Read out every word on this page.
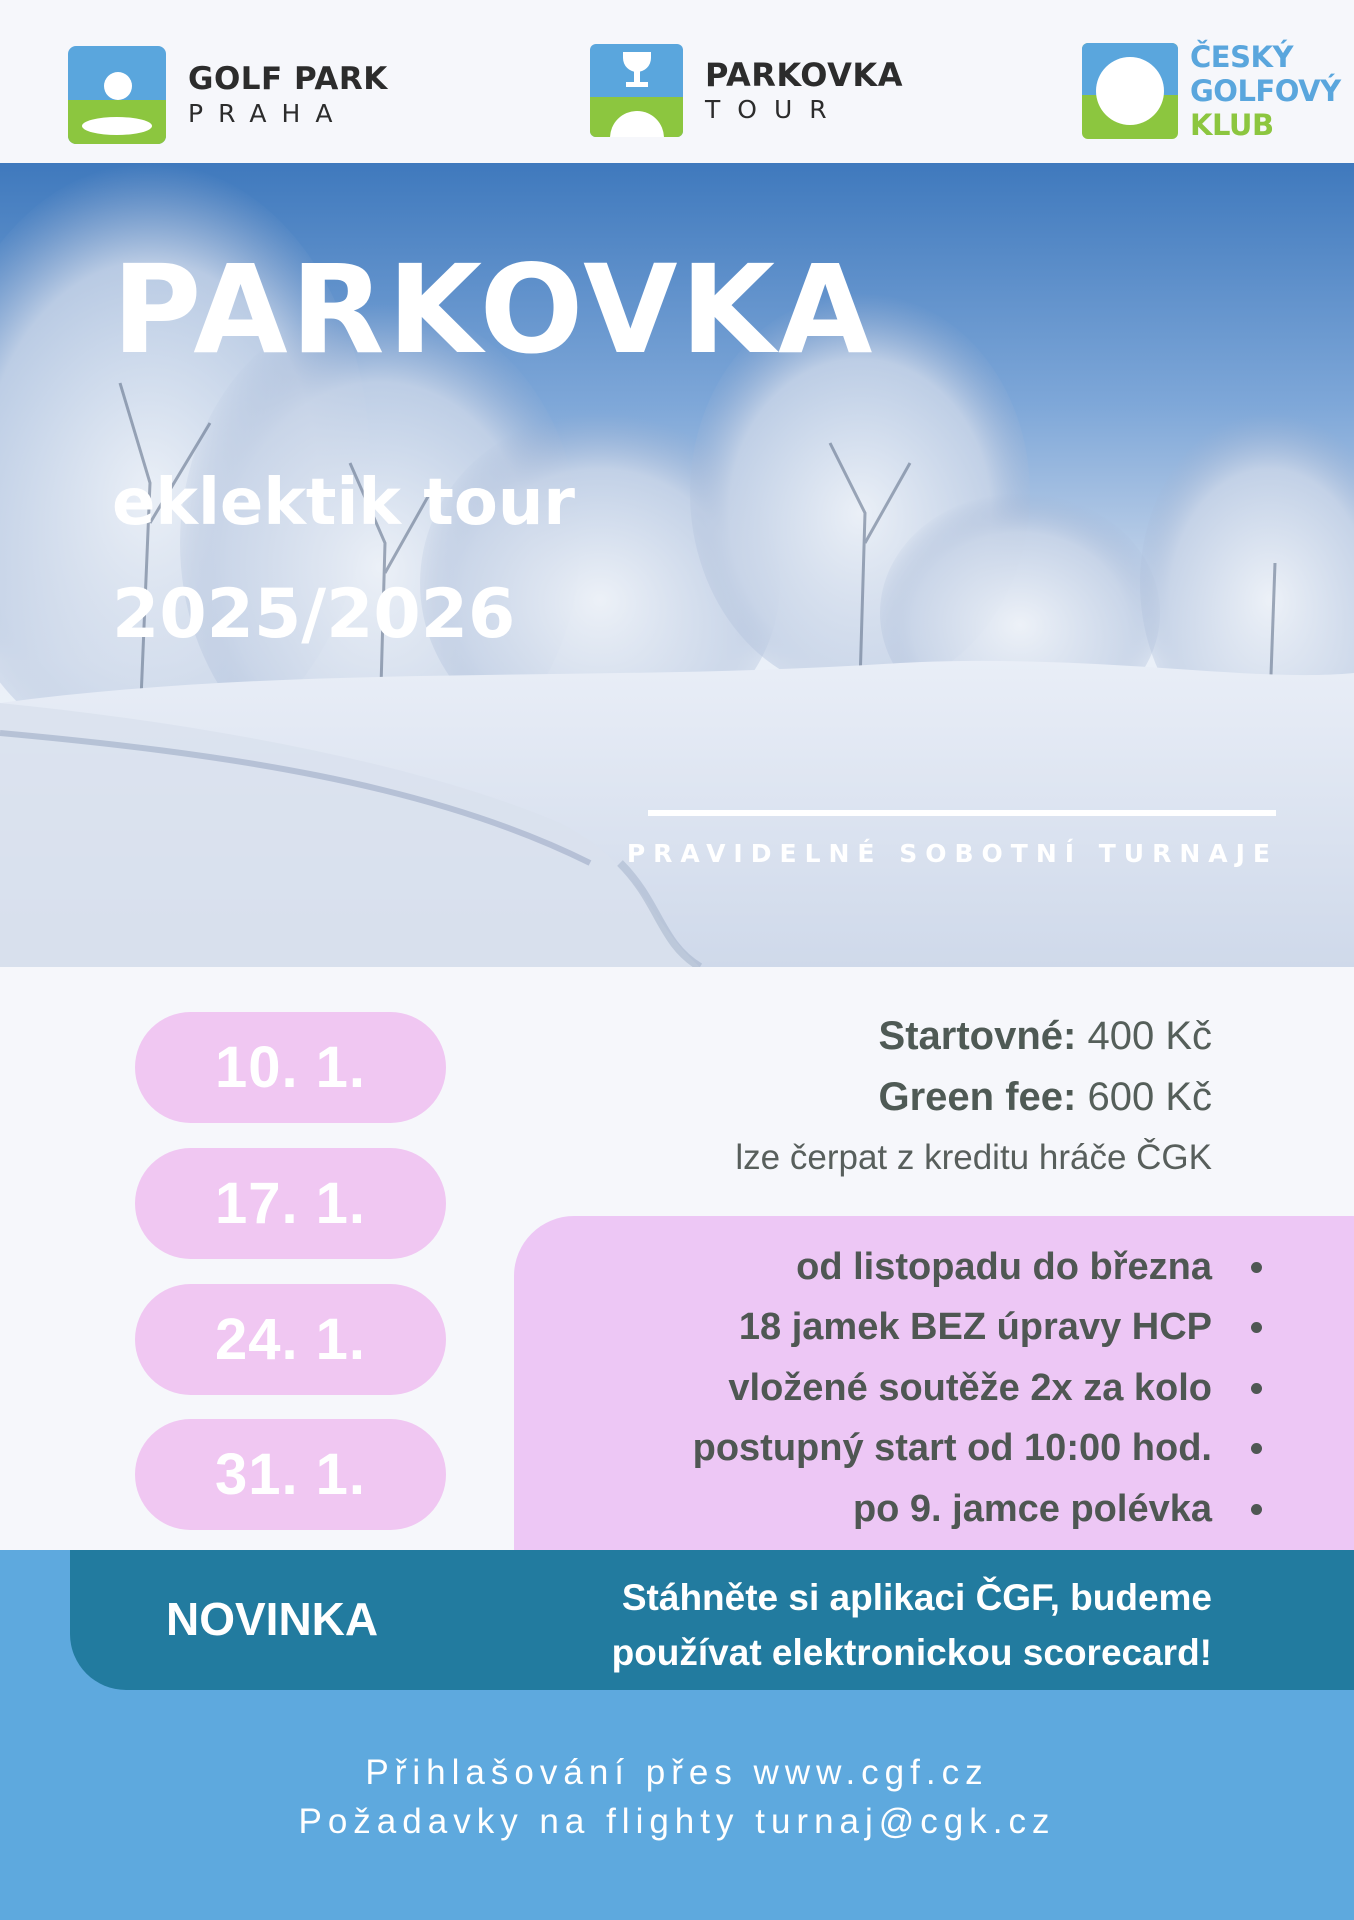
GOLF PARK
PRAHA
PARKOVKA
TOUR
ČESKÝ
GOLFOVÝ
KLUB
PARKOVKA
eklektik tour
2025/2026
PRAVIDELNÉ SOBOTNÍ TURNAJE
10. 1.
17. 1.
24. 1.
31. 1.
Startovné: 400 Kč
Green fee: 600 Kč
lze čerpat z kreditu hráče ČGK
od listopadu do března
18 jamek BEZ úpravy HCP
vložené soutěže 2x za kolo
postupný start od 10:00 hod.
po 9. jamce polévka
NOVINKA	Stáhněte si aplikaci ČGF, budeme
používat elektronickou scorecard!
Přihlašování přes www.cgf.cz
Požadavky na flighty turnaj@cgk.cz
